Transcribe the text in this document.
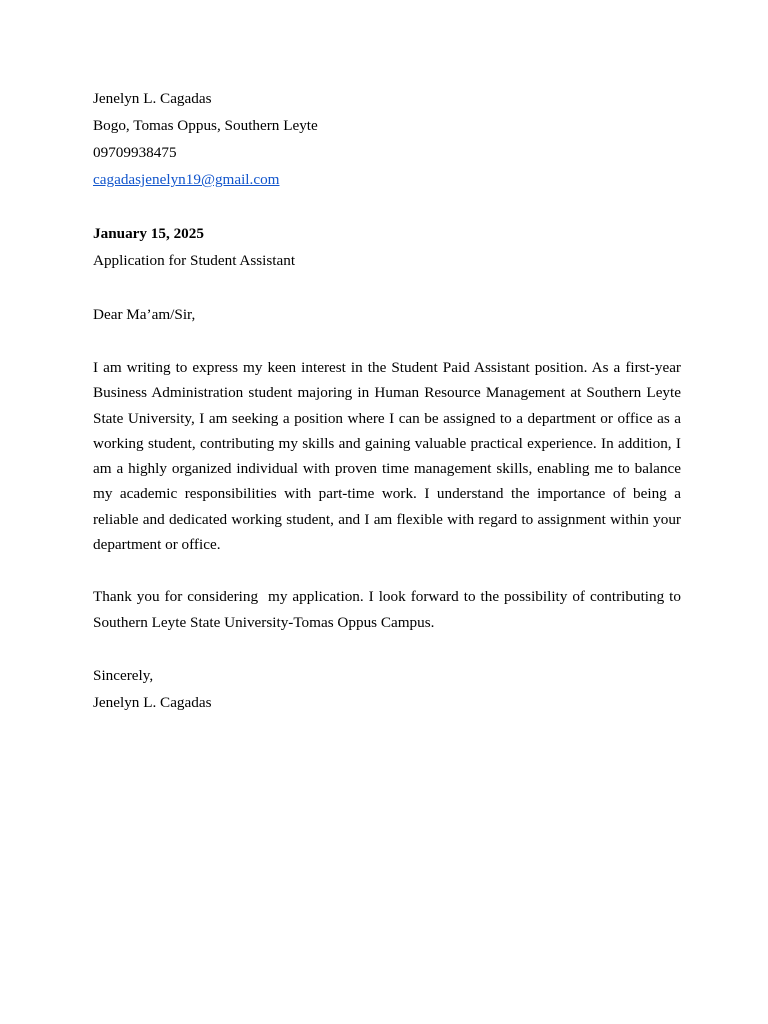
Jenelyn L. Cagadas
Bogo, Tomas Oppus, Southern Leyte
09709938475
cagadasjenelyn19@gmail.com
January 15, 2025
Application for Student Assistant
Dear Ma’am/Sir,

I am writing to express my keen interest in the Student Paid Assistant position. As a first-year Business Administration student majoring in Human Resource Management at Southern Leyte State University, I am seeking a position where I can be assigned to a department or office as a working student, contributing my skills and gaining valuable practical experience. In addition, I am a highly organized individual with proven time management skills, enabling me to balance my academic responsibilities with part-time work. I understand the importance of being a reliable and dedicated working student, and I am flexible with regard to assignment within your department or office.

Thank you for considering  my application. I look forward to the possibility of contributing to Southern Leyte State University-Tomas Oppus Campus.

Sincerely,
Jenelyn L. Cagadas
